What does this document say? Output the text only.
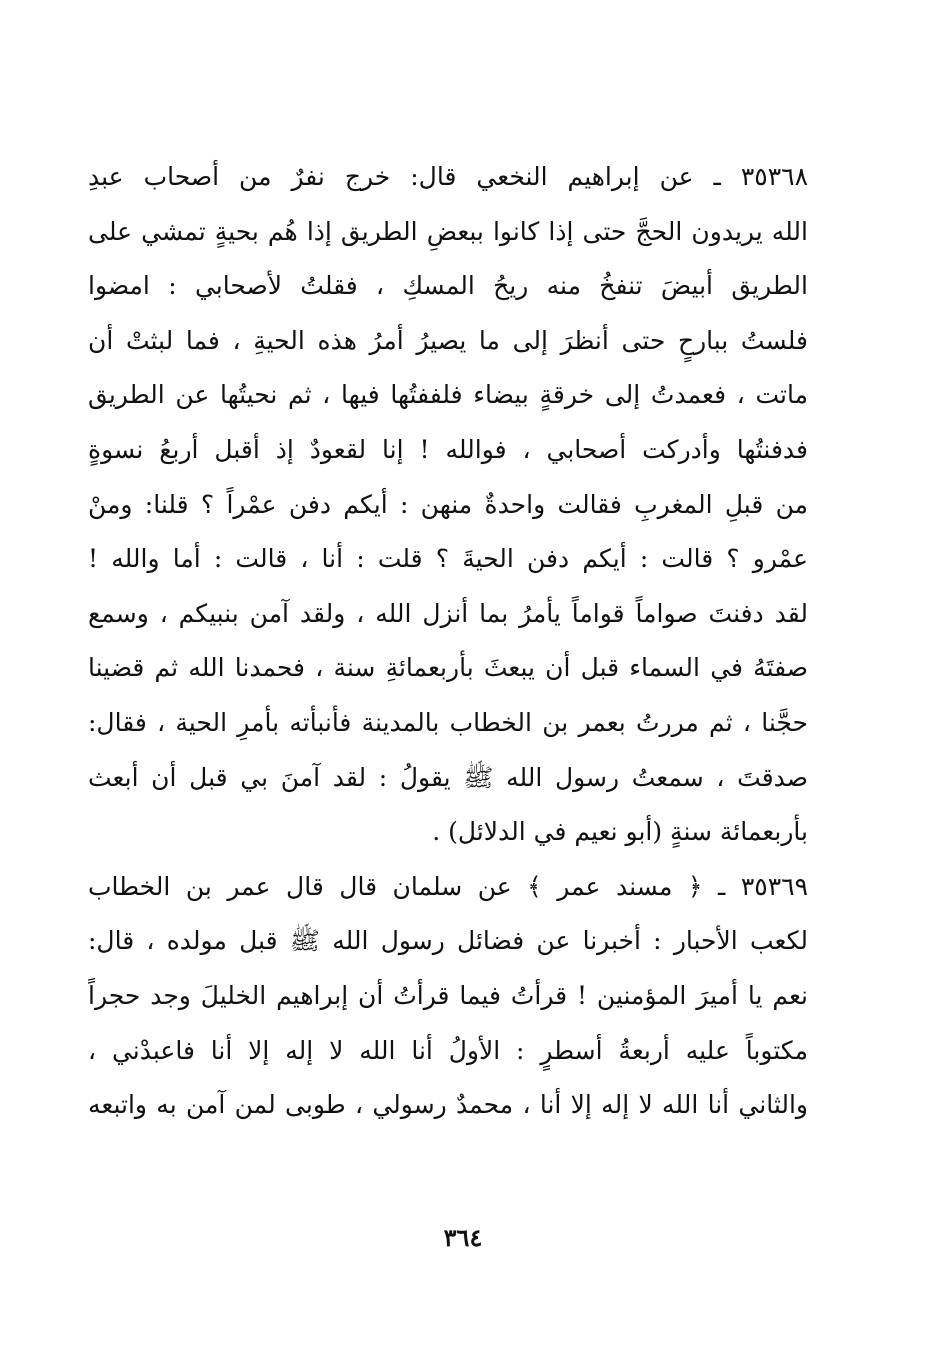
٣٥٣٦٨ ـ عن إبراهيم النخعي قال: خرج نفرٌ من أصحاب عبدِ
الله يريدون الحجَّ حتى إذا كانوا ببعضِ الطريق إذا هُم بحيةٍ تمشي على
الطريق أبيضَ تنفخُ منه ريحُ المسكِ ، فقلتُ لأصحابي : امضوا
فلستُ ببارحٍ حتى أنظرَ إلى ما يصيرُ أمرُ هذه الحيةِ ، فما لبثتْ أن
ماتت ، فعمدتُ إلى خرقةٍ بيضاء فلففتُها فيها ، ثم نحيتُها عن الطريق
فدفنتُها وأدركت أصحابي ، فوالله ! إنا لقعودٌ إذ أقبل أربعُ نسوةٍ
من قبلِ المغربِ فقالت واحدةٌ منهن : أيكم دفن عمْراً ؟ قلنا: ومنْ
عمْرو ؟ قالت : أيكم دفن الحيةَ ؟ قلت : أنا ، قالت : أما والله !
لقد دفنتَ صواماً قواماً يأمرُ بما أنزل الله ، ولقد آمن بنبيكم ، وسمع
صفتَهُ في السماء قبل أن يبعثَ بأربعمائةِ سنة ، فحمدنا الله ثم قضينا
حجَّنا ، ثم مررتُ بعمر بن الخطاب بالمدينة فأنبأته بأمرِ الحية ، فقال:
صدقتَ ، سمعتُ رسول الله ﷺ يقولُ : لقد آمنَ بي قبل أن أبعث
بأربعمائة سنةٍ (أبو نعيم في الدلائل) .
٣٥٣٦٩ ـ ﴿ مسند عمر ﴾ عن سلمان قال قال عمر بن الخطاب
لكعب الأحبار : أخبرنا عن فضائل رسول الله ﷺ قبل مولده ، قال:
نعم يا أميرَ المؤمنين ! قرأتُ فيما قرأتُ أن إبراهيم الخليلَ وجد حجراً
مكتوباً عليه أربعةُ أسطرٍ : الأولُ أنا الله لا إله إلا أنا فاعبدْني ،
والثاني أنا الله لا إله إلا أنا ، محمدٌ رسولي ، طوبى لمن آمن به واتبعه
٣٦٤
